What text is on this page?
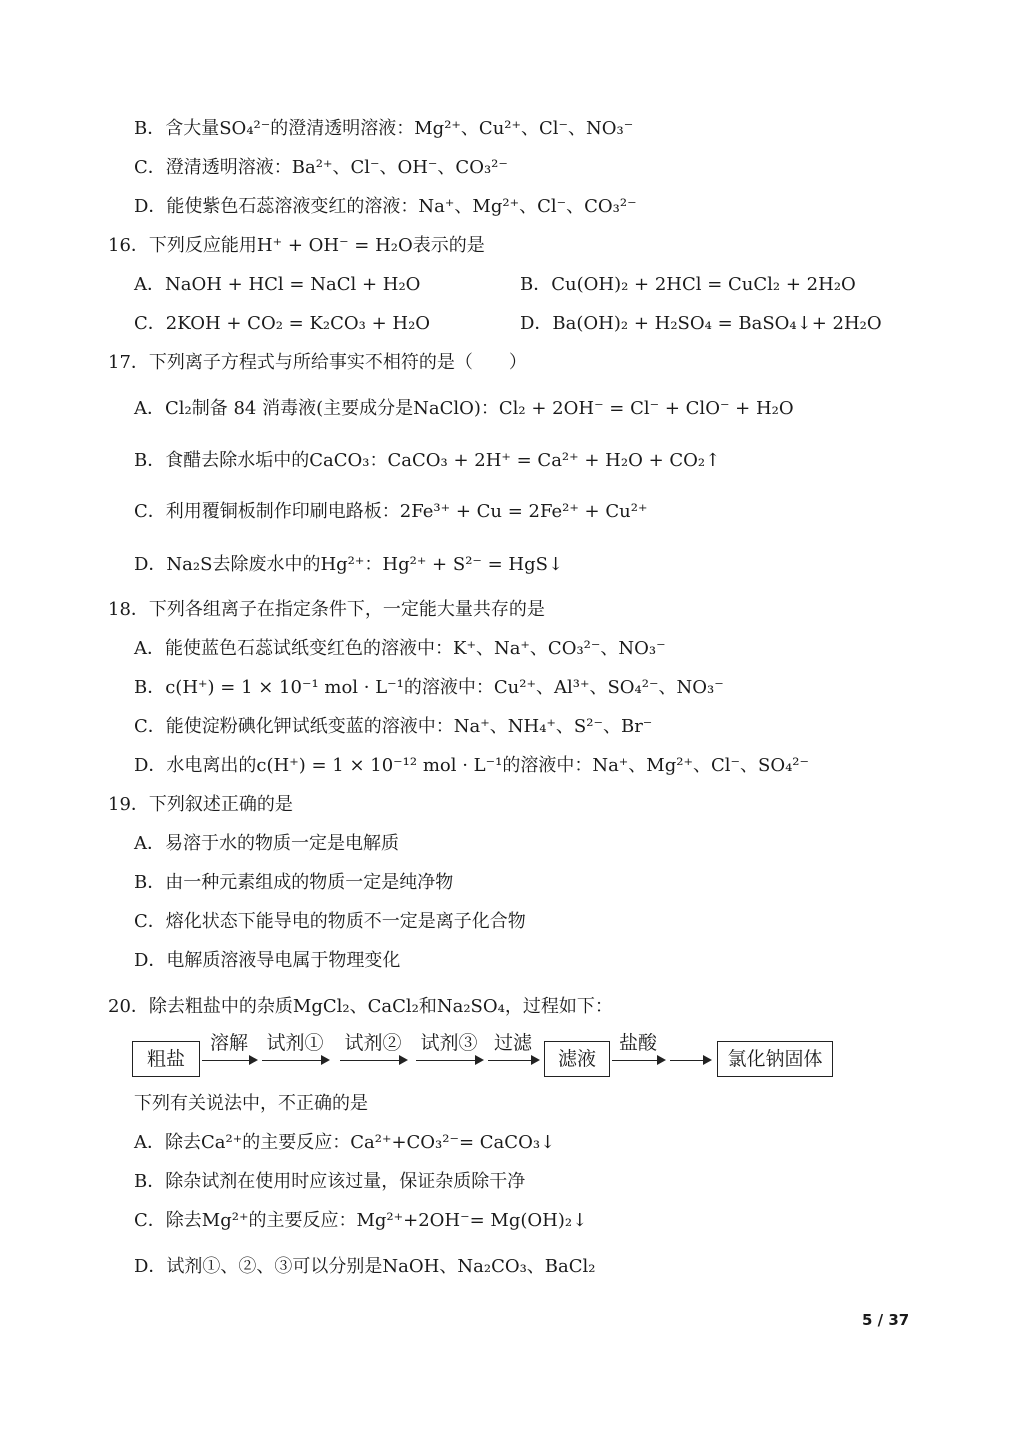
B．含大量SO₄²⁻的澄清透明溶液：Mg²⁺、Cu²⁺、Cl⁻、NO₃⁻
C．澄清透明溶液：Ba²⁺、Cl⁻、OH⁻、CO₃²⁻
D．能使紫色石蕊溶液变红的溶液：Na⁺、Mg²⁺、Cl⁻、CO₃²⁻
16．下列反应能用H⁺ + OH⁻ = H₂O表示的是
A．NaOH + HCl = NaCl + H₂O	B．Cu(OH)₂ + 2HCl = CuCl₂ + 2H₂O
C．2KOH + CO₂ = K₂CO₃ + H₂O	D．Ba(OH)₂ + H₂SO₄ = BaSO₄↓+ 2H₂O
17．下列离子方程式与所给事实不相符的是（　　）
A．Cl₂制备 84 消毒液(主要成分是NaClO)：Cl₂ + 2OH⁻ = Cl⁻ + ClO⁻ + H₂O
B．食醋去除水垢中的CaCO₃：CaCO₃ + 2H⁺ = Ca²⁺ + H₂O + CO₂↑
C．利用覆铜板制作印刷电路板：2Fe³⁺ + Cu = 2Fe²⁺ + Cu²⁺
D．Na₂S去除废水中的Hg²⁺：Hg²⁺ + S²⁻ = HgS↓
18．下列各组离子在指定条件下，一定能大量共存的是
A．能使蓝色石蕊试纸变红色的溶液中：K⁺、Na⁺、CO₃²⁻、NO₃⁻
B．c(H⁺) = 1 × 10⁻¹ mol · L⁻¹的溶液中：Cu²⁺、Al³⁺、SO₄²⁻、NO₃⁻
C．能使淀粉碘化钾试纸变蓝的溶液中：Na⁺、NH₄⁺、S²⁻、Br⁻
D．水电离出的c(H⁺) = 1 × 10⁻¹² mol · L⁻¹的溶液中：Na⁺、Mg²⁺、Cl⁻、SO₄²⁻
19．下列叙述正确的是
A．易溶于水的物质一定是电解质
B．由一种元素组成的物质一定是纯净物
C．熔化状态下能导电的物质不一定是离子化合物
D．电解质溶液导电属于物理变化
20．除去粗盐中的杂质MgCl₂、CaCl₂和Na₂SO₄，过程如下：
粗盐
溶解 试剂① 试剂② 试剂③ 过滤
滤液
盐酸
氯化钠固体
下列有关说法中，不正确的是
A．除去Ca²⁺的主要反应：Ca²⁺+CO₃²⁻= CaCO₃↓
B．除杂试剂在使用时应该过量，保证杂质除干净
C．除去Mg²⁺的主要反应：Mg²⁺+2OH⁻= Mg(OH)₂↓
D．试剂①、②、③可以分别是NaOH、Na₂CO₃、BaCl₂
5 / 37
